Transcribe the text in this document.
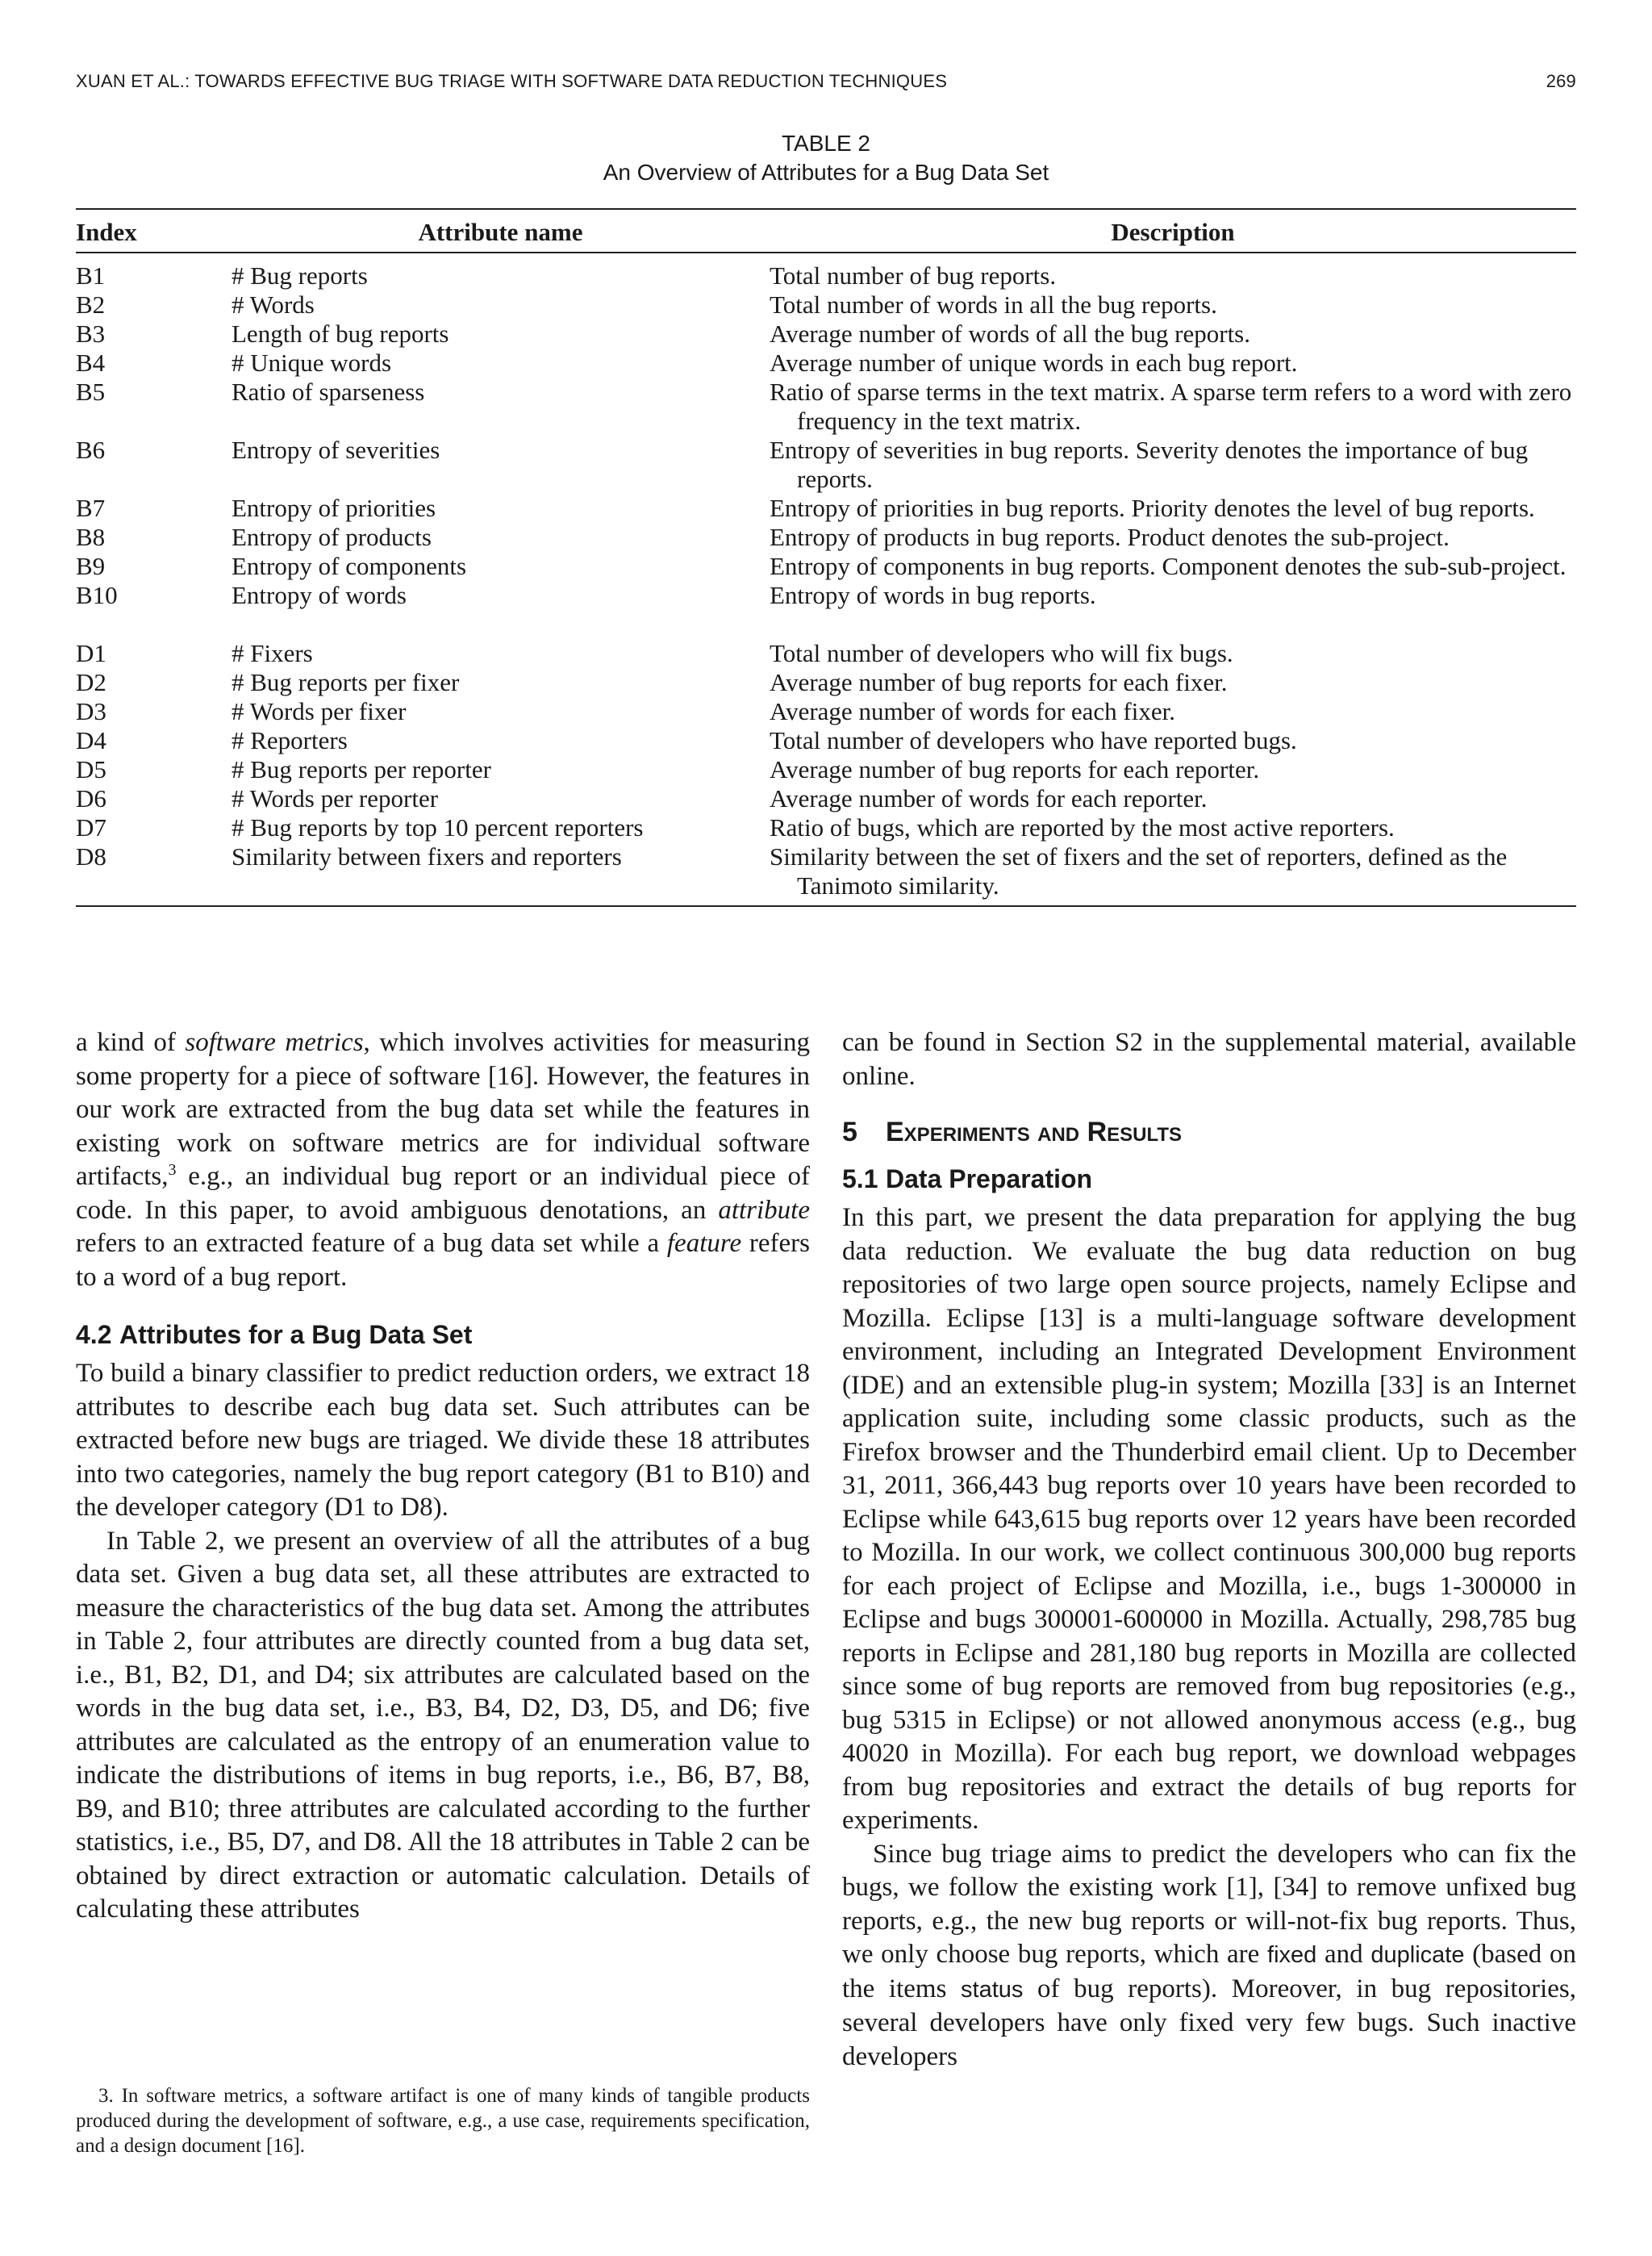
XUAN ET AL.: TOWARDS EFFECTIVE BUG TRIAGE WITH SOFTWARE DATA REDUCTION TECHNIQUES	269
TABLE 2
An Overview of Attributes for a Bug Data Set
Index	Attribute name	Description
B1	# Bug reports	Total number of bug reports.

B2	# Words	Total number of words in all the bug reports.

B3	Length of bug reports	Average number of words of all the bug reports.

B4	# Unique words	Average number of unique words in each bug report.

B5	Ratio of sparseness	Ratio of sparse terms in the text matrix. A sparse term refers to a word with zero frequency in the text matrix.

B6	Entropy of severities	Entropy of severities in bug reports. Severity denotes the importance of bug reports.

B7	Entropy of priorities	Entropy of priorities in bug reports. Priority denotes the level of bug reports.

B8	Entropy of products	Entropy of products in bug reports. Product denotes the sub-project.

B9	Entropy of components	Entropy of components in bug reports. Component denotes the sub-sub-project.

B10	Entropy of words	Entropy of words in bug reports.

D1	# Fixers	Total number of developers who will fix bugs.

D2	# Bug reports per fixer	Average number of bug reports for each fixer.

D3	# Words per fixer	Average number of words for each fixer.

D4	# Reporters	Total number of developers who have reported bugs.

D5	# Bug reports per reporter	Average number of bug reports for each reporter.

D6	# Words per reporter	Average number of words for each reporter.

D7	# Bug reports by top 10 percent reporters	Ratio of bugs, which are reported by the most active reporters.

D8	Similarity between fixers and reporters	Similarity between the set of fixers and the set of reporters, defined as the Tanimoto similarity.

a kind of software metrics, which involves activities for measuring some property for a piece of software [16]. However, the features in our work are extracted from the bug data set while the features in existing work on software metrics are for individual software artifacts,$^3$ e.g., an individual bug report or an individual piece of code. In this paper, to avoid ambiguous denotations, an attribute refers to an extracted feature of a bug data set while a feature refers to a word of a bug report.

4.2 Attributes for a Bug Data Set

To build a binary classifier to predict reduction orders, we extract 18 attributes to describe each bug data set. Such attributes can be extracted before new bugs are triaged. We divide these 18 attributes into two categories, namely the bug report category (B1 to B10) and the developer category (D1 to D8).

In Table 2, we present an overview of all the attributes of a bug data set. Given a bug data set, all these attributes are extracted to measure the characteristics of the bug data set. Among the attributes in Table 2, four attributes are directly counted from a bug data set, i.e., B1, B2, D1, and D4; six attributes are calculated based on the words in the bug data set, i.e., B3, B4, D2, D3, D5, and D6; five attributes are calculated as the entropy of an enumeration value to indicate the distributions of items in bug reports, i.e., B6, B7, B8, B9, and B10; three attributes are calculated according to the further statistics, i.e., B5, D7, and D8. All the 18 attributes in Table 2 can be obtained by direct extraction or automatic calculation. Details of calculating these attributes

3. In software metrics, a software artifact is one of many kinds of tangible products produced during the development of software, e.g., a use case, requirements specification, and a design document [16].

can be found in Section S2 in the supplemental material, available online.

5 Experiments and Results
5.1 Data Preparation

In this part, we present the data preparation for applying the bug data reduction. We evaluate the bug data reduction on bug repositories of two large open source projects, namely Eclipse and Mozilla. Eclipse [13] is a multi-language software development environment, including an Integrated Development Environment (IDE) and an extensible plug-in system; Mozilla [33] is an Internet application suite, including some classic products, such as the Firefox browser and the Thunderbird email client. Up to December 31, 2011, 366,443 bug reports over 10 years have been recorded to Eclipse while 643,615 bug reports over 12 years have been recorded to Mozilla. In our work, we collect continuous 300,000 bug reports for each project of Eclipse and Mozilla, i.e., bugs 1-300000 in Eclipse and bugs 300001-600000 in Mozilla. Actually, 298,785 bug reports in Eclipse and 281,180 bug reports in Mozilla are collected since some of bug reports are removed from bug repositories (e.g., bug 5315 in Eclipse) or not allowed anonymous access (e.g., bug 40020 in Mozilla). For each bug report, we download webpages from bug repositories and extract the details of bug reports for experiments.

Since bug triage aims to predict the developers who can fix the bugs, we follow the existing work [1], [34] to remove unfixed bug reports, e.g., the new bug reports or will-not-fix bug reports. Thus, we only choose bug reports, which are fixed and duplicate (based on the items status of bug reports). Moreover, in bug repositories, several developers have only fixed very few bugs. Such inactive developers
